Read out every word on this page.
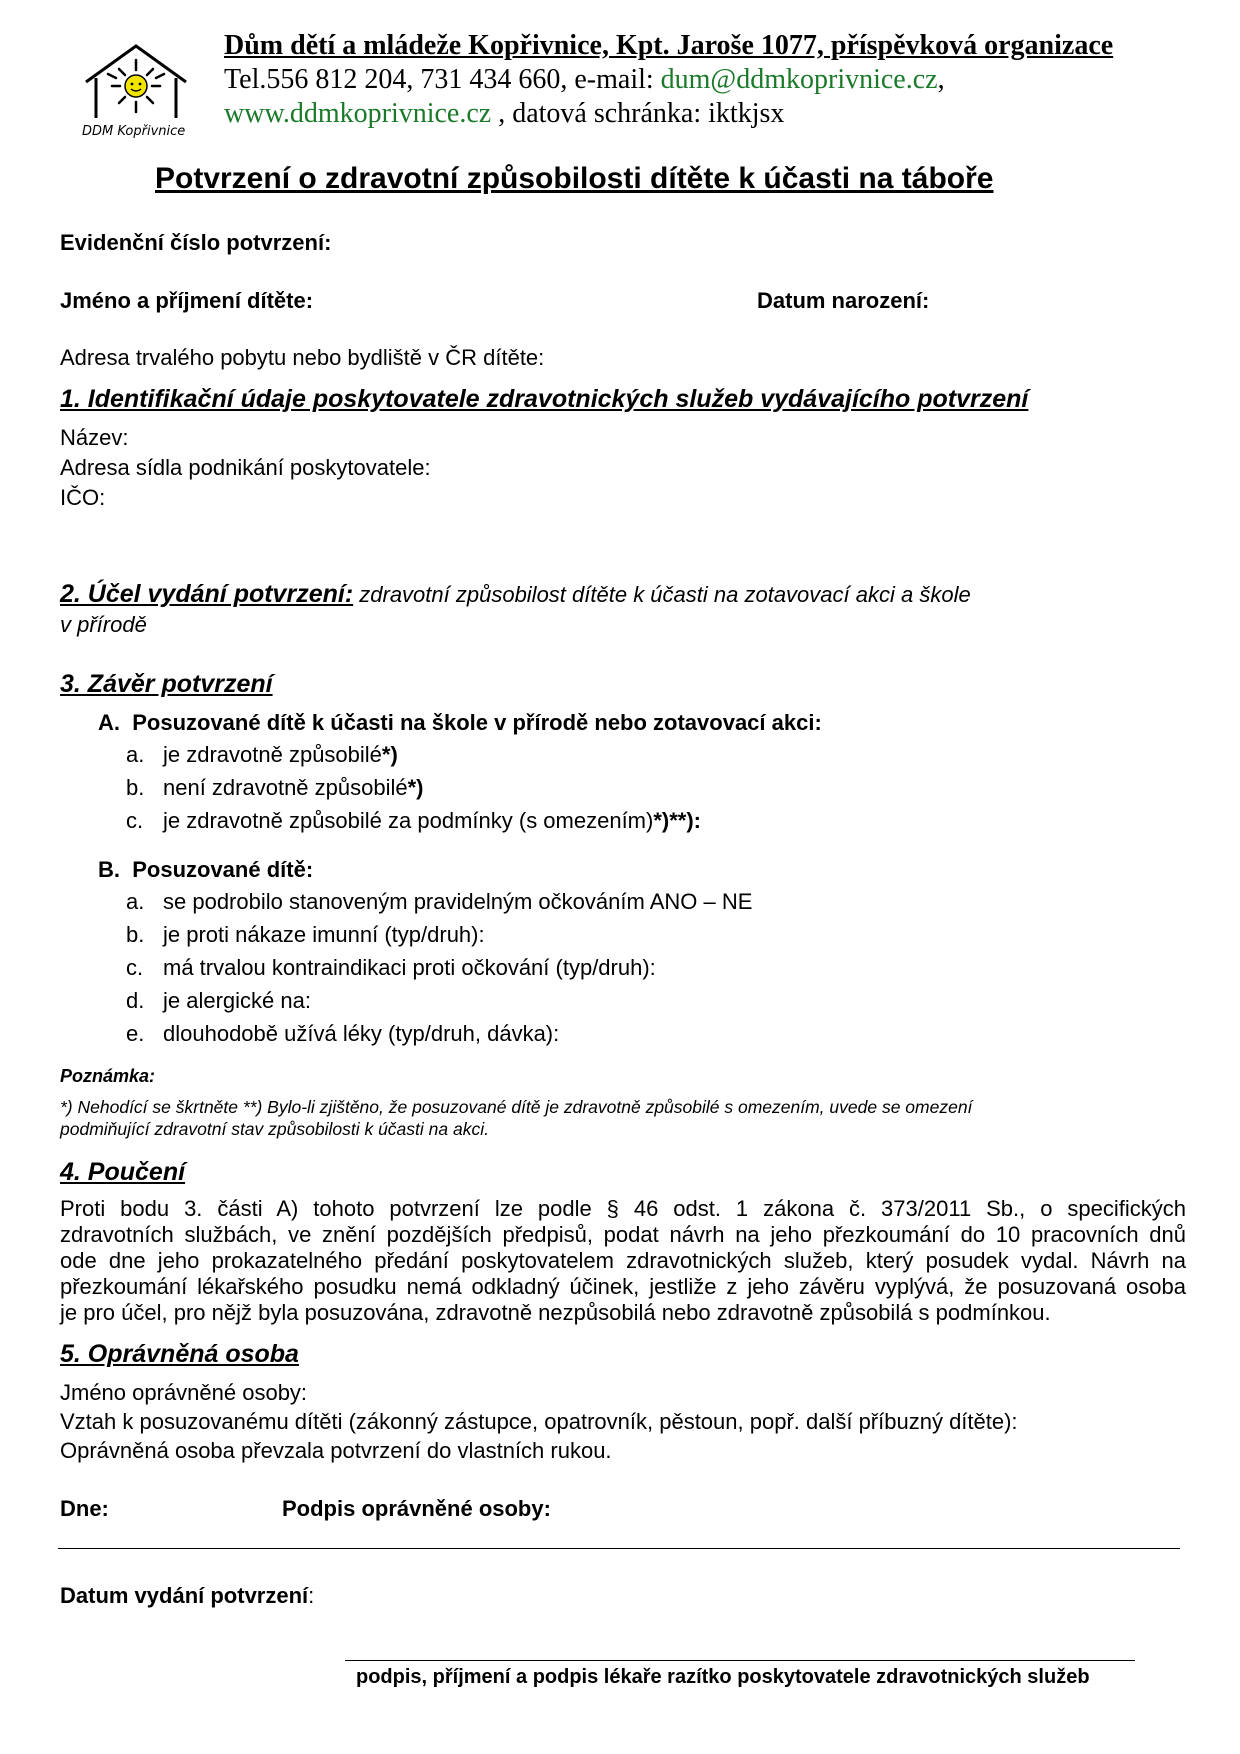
DDM Kopřivnice
Dům dětí a mládeže Kopřivnice, Kpt. Jaroše 1077, příspěvková organizace
Tel.556 812 204, 731 434 660, e-mail: dum@ddmkoprivnice.cz,
www.ddmkoprivnice.cz , datová schránka: iktkjsx
Potvrzení o zdravotní způsobilosti dítěte k účasti na táboře
Evidenční číslo potvrzení:
Jméno a příjmení dítěte:	Datum narození:
Adresa trvalého pobytu nebo bydliště v ČR dítěte:
1. Identifikační údaje poskytovatele zdravotnických služeb vydávajícího potvrzení
Název:
Adresa sídla podnikání poskytovatele:
IČO:
2. Účel vydání potvrzení: zdravotní způsobilost dítěte k účasti na zotavovací akci a škole
v přírodě
3. Závěr potvrzení
A.  Posuzované dítě k účasti na škole v přírodě nebo zotavovací akci:
a. je zdravotně způsobilé*)
b. není zdravotně způsobilé*)
c. je zdravotně způsobilé za podmínky (s omezením)*)**):
B.  Posuzované dítě:
a. se podrobilo stanoveným pravidelným očkováním ANO – NE
b. je proti nákaze imunní (typ/druh):
c. má trvalou kontraindikaci proti očkování (typ/druh):
d. je alergické na:
e. dlouhodobě užívá léky (typ/druh, dávka):
Poznámka:
*) Nehodící se škrtněte **) Bylo-li zjištěno, že posuzované dítě je zdravotně způsobilé s omezením, uvede se omezení
podmiňující zdravotní stav způsobilosti k účasti na akci.
4. Poučení
Proti bodu 3. části A) tohoto potvrzení lze podle § 46 odst. 1 zákona č. 373/2011 Sb., o specifických
zdravotních službách, ve znění pozdějších předpisů, podat návrh na jeho přezkoumání do 10 pracovních dnů
ode dne jeho prokazatelného předání poskytovatelem zdravotnických služeb, který posudek vydal. Návrh na
přezkoumání lékařského posudku nemá odkladný účinek, jestliže z jeho závěru vyplývá, že posuzovaná osoba
je pro účel, pro nějž byla posuzována, zdravotně nezpůsobilá nebo zdravotně způsobilá s podmínkou.
5. Oprávněná osoba
Jméno oprávněné osoby:
Vztah k posuzovanému dítěti (zákonný zástupce, opatrovník, pěstoun, popř. další příbuzný dítěte):
Oprávněná osoba převzala potvrzení do vlastních rukou.
Dne:	Podpis oprávněné osoby:
Datum vydání potvrzení:
podpis, příjmení a podpis lékaře razítko poskytovatele zdravotnických služeb
